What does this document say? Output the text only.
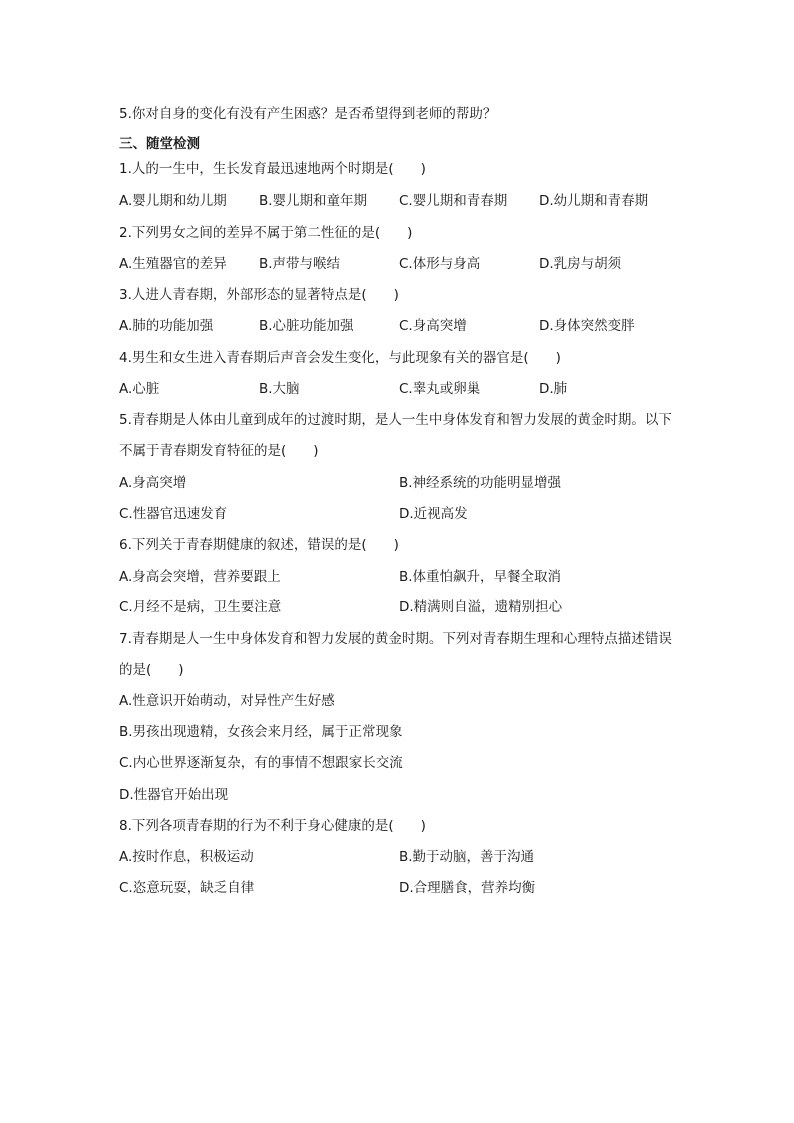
5.你对自身的变化有没有产生困惑？是否希望得到老师的帮助？
三、随堂检测
1.人的一生中，生长发育最迅速地两个时期是(　　)
A.婴儿期和幼儿期	B.婴儿期和童年期	C.婴儿期和青春期	D.幼儿期和青春期
2.下列男女之间的差异不属于第二性征的是(　　)
A.生殖器官的差异	B.声带与喉结	C.体形与身高	D.乳房与胡须
3.人进人青春期，外部形态的显著特点是(　　)
A.肺的功能加强	B.心脏功能加强	C.身高突增	D.身体突然变胖
4.男生和女生进入青春期后声音会发生变化，与此现象有关的器官是(　　)
A.心脏	B.大脑	C.睾丸或卵巢	D.肺
5.青春期是人体由儿童到成年的过渡时期，是人一生中身体发育和智力发展的黄金时期。以下不属于青春期发育特征的是(　　)
A.身高突增	B.神经系统的功能明显增强
C.性器官迅速发育	D.近视高发
6.下列关于青春期健康的叙述，错误的是(　　)
A.身高会突增，营养要跟上	B.体重怕飙升，早餐全取消
C.月经不是病，卫生要注意	D.精满则自溢，遗精别担心
7.青春期是人一生中身体发育和智力发展的黄金时期。下列对青春期生理和心理特点描述错误的是(　　)
A.性意识开始萌动，对异性产生好感
B.男孩出现遗精，女孩会来月经，属于正常现象
C.内心世界逐渐复杂，有的事情不想跟家长交流
D.性器官开始出现
8.下列各项青春期的行为不利于身心健康的是(　　)
A.按时作息，积极运动	B.勤于动脑，善于沟通
C.恣意玩耍，缺乏自律	D.合理膳食，营养均衡
